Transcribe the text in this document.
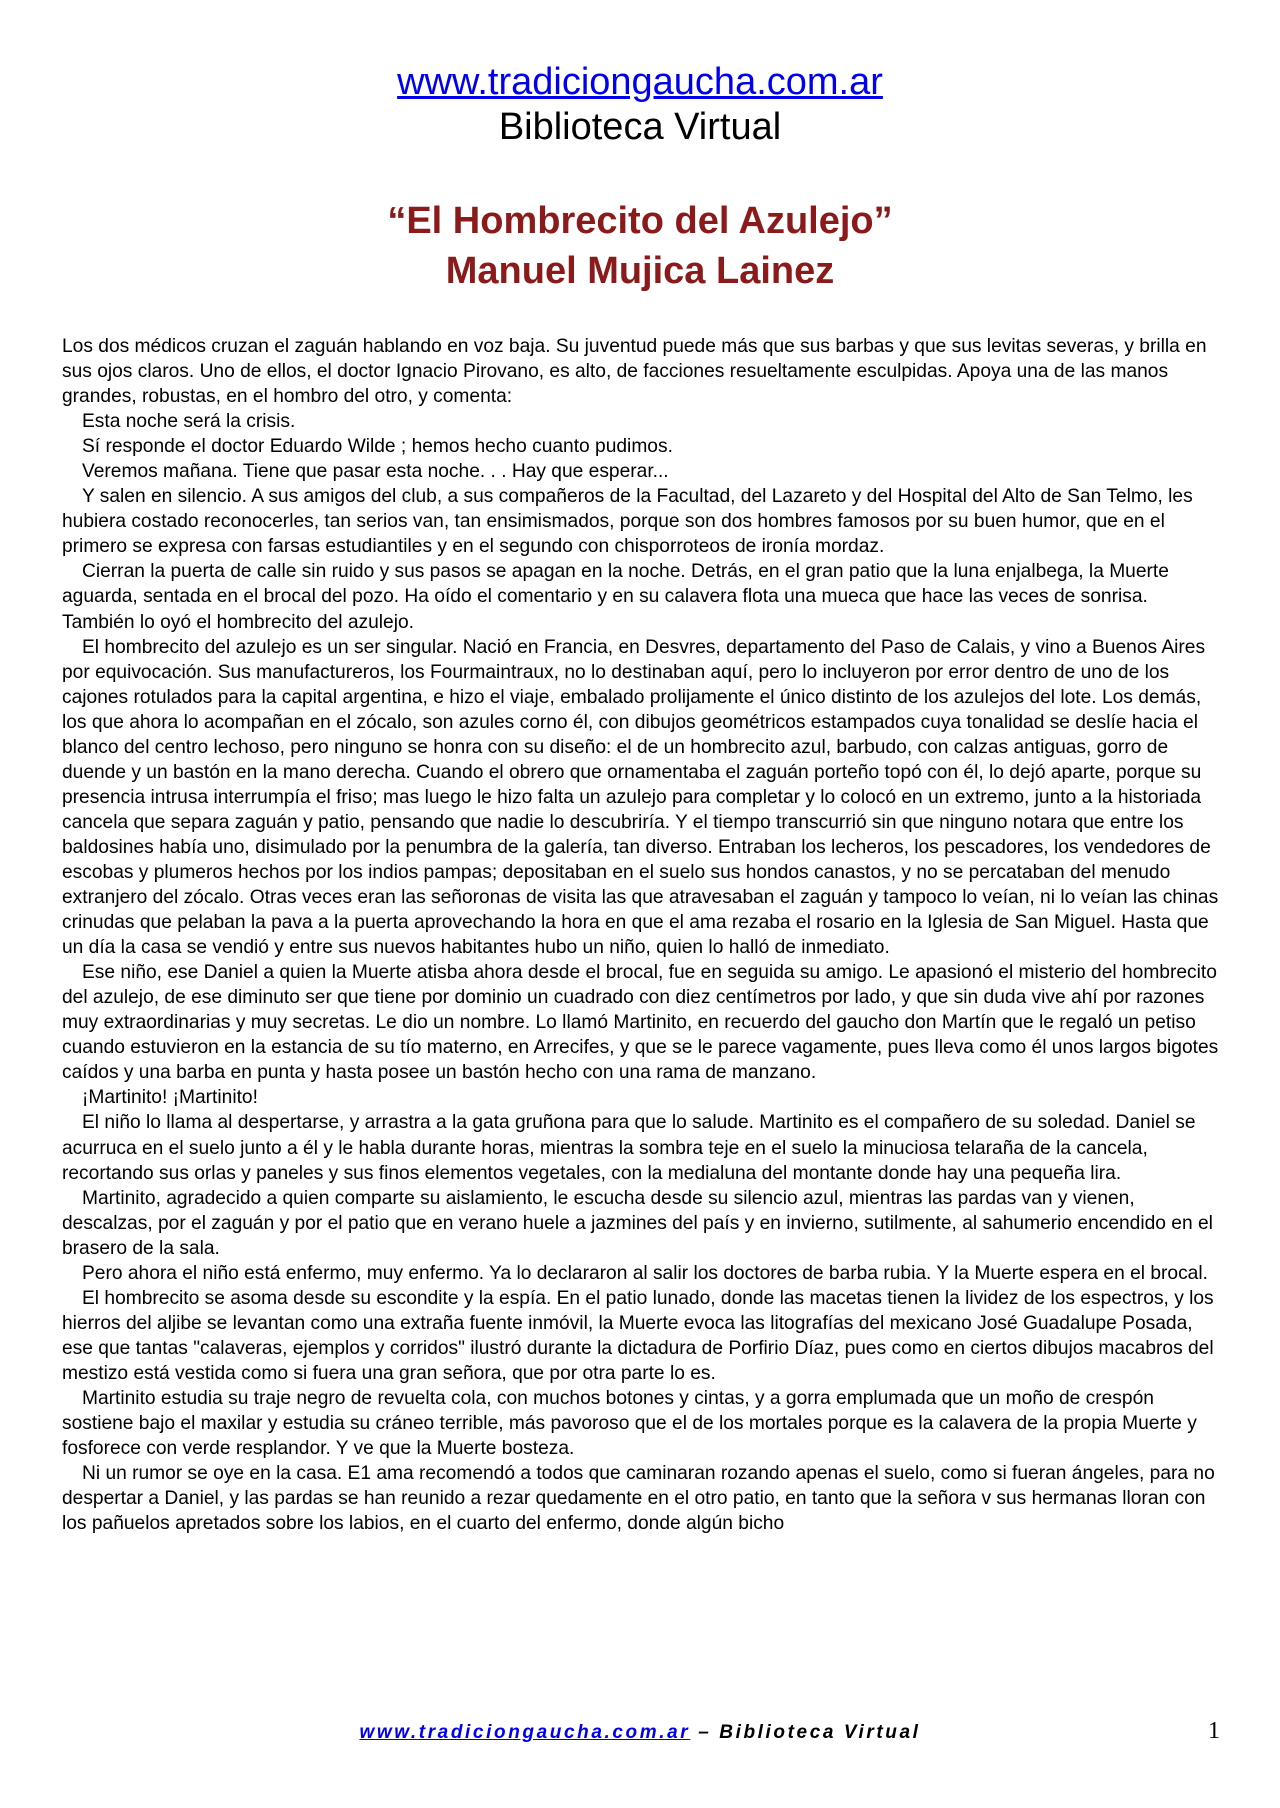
www.tradiciongaucha.com.ar
Biblioteca Virtual
“El Hombrecito del Azulejo”
Manuel Mujica Lainez

Los dos médicos cruzan el zaguán hablando en voz baja. Su juventud puede más que sus barbas y que sus levitas severas, y brilla en sus ojos claros. Uno de ellos, el doctor Ignacio Pirovano, es alto, de facciones resueltamente esculpidas. Apoya una de las manos grandes, robustas, en el hombro del otro, y comenta:

Esta noche será la crisis.

Sí responde el doctor Eduardo Wilde ; hemos hecho cuanto pudimos.

Veremos mañana. Tiene que pasar esta noche. . . Hay que esperar...

Y salen en silencio. A sus amigos del club, a sus compañeros de la Facultad, del Lazareto y del Hospital del Alto de San Telmo, les hubiera costado reconocerles, tan serios van, tan ensimismados, porque son dos hombres famosos por su buen humor, que en el primero se expresa con farsas estudiantiles y en el segundo con chisporroteos de ironía mordaz.

Cierran la puerta de calle sin ruido y sus pasos se apagan en la noche. Detrás, en el gran patio que la luna enjalbega, la Muerte aguarda, sentada en el brocal del pozo. Ha oído el comentario y en su calavera flota una mueca que hace las veces de sonrisa. También lo oyó el hombrecito del azulejo.

El hombrecito del azulejo es un ser singular. Nació en Francia, en Desvres, departamento del Paso de Calais, y vino a Buenos Aires por equivocación. Sus manufactureros, los Fourmaintraux, no lo destinaban aquí, pero lo incluyeron por error dentro de uno de los cajones rotulados para la capital argentina, e hizo el viaje, embalado prolijamente el único distinto de los azulejos del lote. Los demás, los que ahora lo acompañan en el zócalo, son azules corno él, con dibujos geométricos estampados cuya tonalidad se deslíe hacia el blanco del centro lechoso, pero ninguno se honra con su diseño: el de un hombrecito azul, barbudo, con calzas antiguas, gorro de duende y un bastón en la mano derecha. Cuando el obrero que ornamentaba el zaguán porteño topó con él, lo dejó aparte, porque su presencia intrusa interrumpía el friso; mas luego le hizo falta un azulejo para completar y lo colocó en un extremo, junto a la historiada cancela que separa zaguán y patio, pensando que nadie lo descubriría. Y el tiempo transcurrió sin que ninguno notara que entre los baldosines había uno, disimulado por la penumbra de la galería, tan diverso. Entraban los lecheros, los pescadores, los vendedores de escobas y plumeros hechos por los indios pampas; depositaban en el suelo sus hondos canastos, y no se percataban del menudo extranjero del zócalo. Otras veces eran las señoronas de visita las que atravesaban el zaguán y tampoco lo veían, ni lo veían las chinas crinudas que pelaban la pava a la puerta aprovechando la hora en que el ama rezaba el rosario en la Iglesia de San Miguel. Hasta que un día la casa se vendió y entre sus nuevos habitantes hubo un niño, quien lo halló de inmediato.

Ese niño, ese Daniel a quien la Muerte atisba ahora desde el brocal, fue en seguida su amigo. Le apasionó el misterio del hombrecito del azulejo, de ese diminuto ser que tiene por dominio un cuadrado con diez centímetros por lado, y que sin duda vive ahí por razones muy extraordinarias y muy secretas. Le dio un nombre. Lo llamó Martinito, en recuerdo del gaucho don Martín que le regaló un petiso cuando estuvieron en la estancia de su tío materno, en Arrecifes, y que se le parece vagamente, pues lleva como él unos largos bigotes caídos y una barba en punta y hasta posee un bastón hecho con una rama de manzano.

¡Martinito! ¡Martinito!

El niño lo llama al despertarse, y arrastra a la gata gruñona para que lo salude. Martinito es el compañero de su soledad. Daniel se acurruca en el suelo junto a él y le habla durante horas, mientras la sombra teje en el suelo la minuciosa telaraña de la cancela, recortando sus orlas y paneles y sus finos elementos vegetales, con la medialuna del montante donde hay una pequeña lira.

Martinito, agradecido a quien comparte su aislamiento, le escucha desde su silencio azul, mientras las pardas van y vienen, descalzas, por el zaguán y por el patio que en verano huele a jazmines del país y en invierno, sutilmente, al sahumerio encendido en el brasero de la sala.

Pero ahora el niño está enfermo, muy enfermo. Ya lo declararon al salir los doctores de barba rubia. Y la Muerte espera en el brocal.

El hombrecito se asoma desde su escondite y la espía. En el patio lunado, donde las macetas tienen la lividez de los espectros, y los hierros del aljibe se levantan como una extraña fuente inmóvil, la Muerte evoca las litografías del mexicano José Guadalupe Posada, ese que tantas "calaveras, ejemplos y corridos" ilustró durante la dictadura de Porfirio Díaz, pues como en ciertos dibujos macabros del mestizo está vestida como si fuera una gran señora, que por otra parte lo es.

Martinito estudia su traje negro de revuelta cola, con muchos botones y cintas, y a gorra emplumada que un moño de crespón sostiene bajo el maxilar y estudia su cráneo terrible, más pavoroso que el de los mortales porque es la calavera de la propia Muerte y fosforece con verde resplandor. Y ve que la Muerte bosteza.

Ni un rumor se oye en la casa. E1 ama recomendó a todos que caminaran rozando apenas el suelo, como si fueran ángeles, para no despertar a Daniel, y las pardas se han reunido a rezar quedamente en el otro patio, en tanto que la señora v sus hermanas lloran con los pañuelos apretados sobre los labios, en el cuarto del enfermo, donde algún bicho

www.tradiciongaucha.com.ar – Biblioteca Virtual	1
